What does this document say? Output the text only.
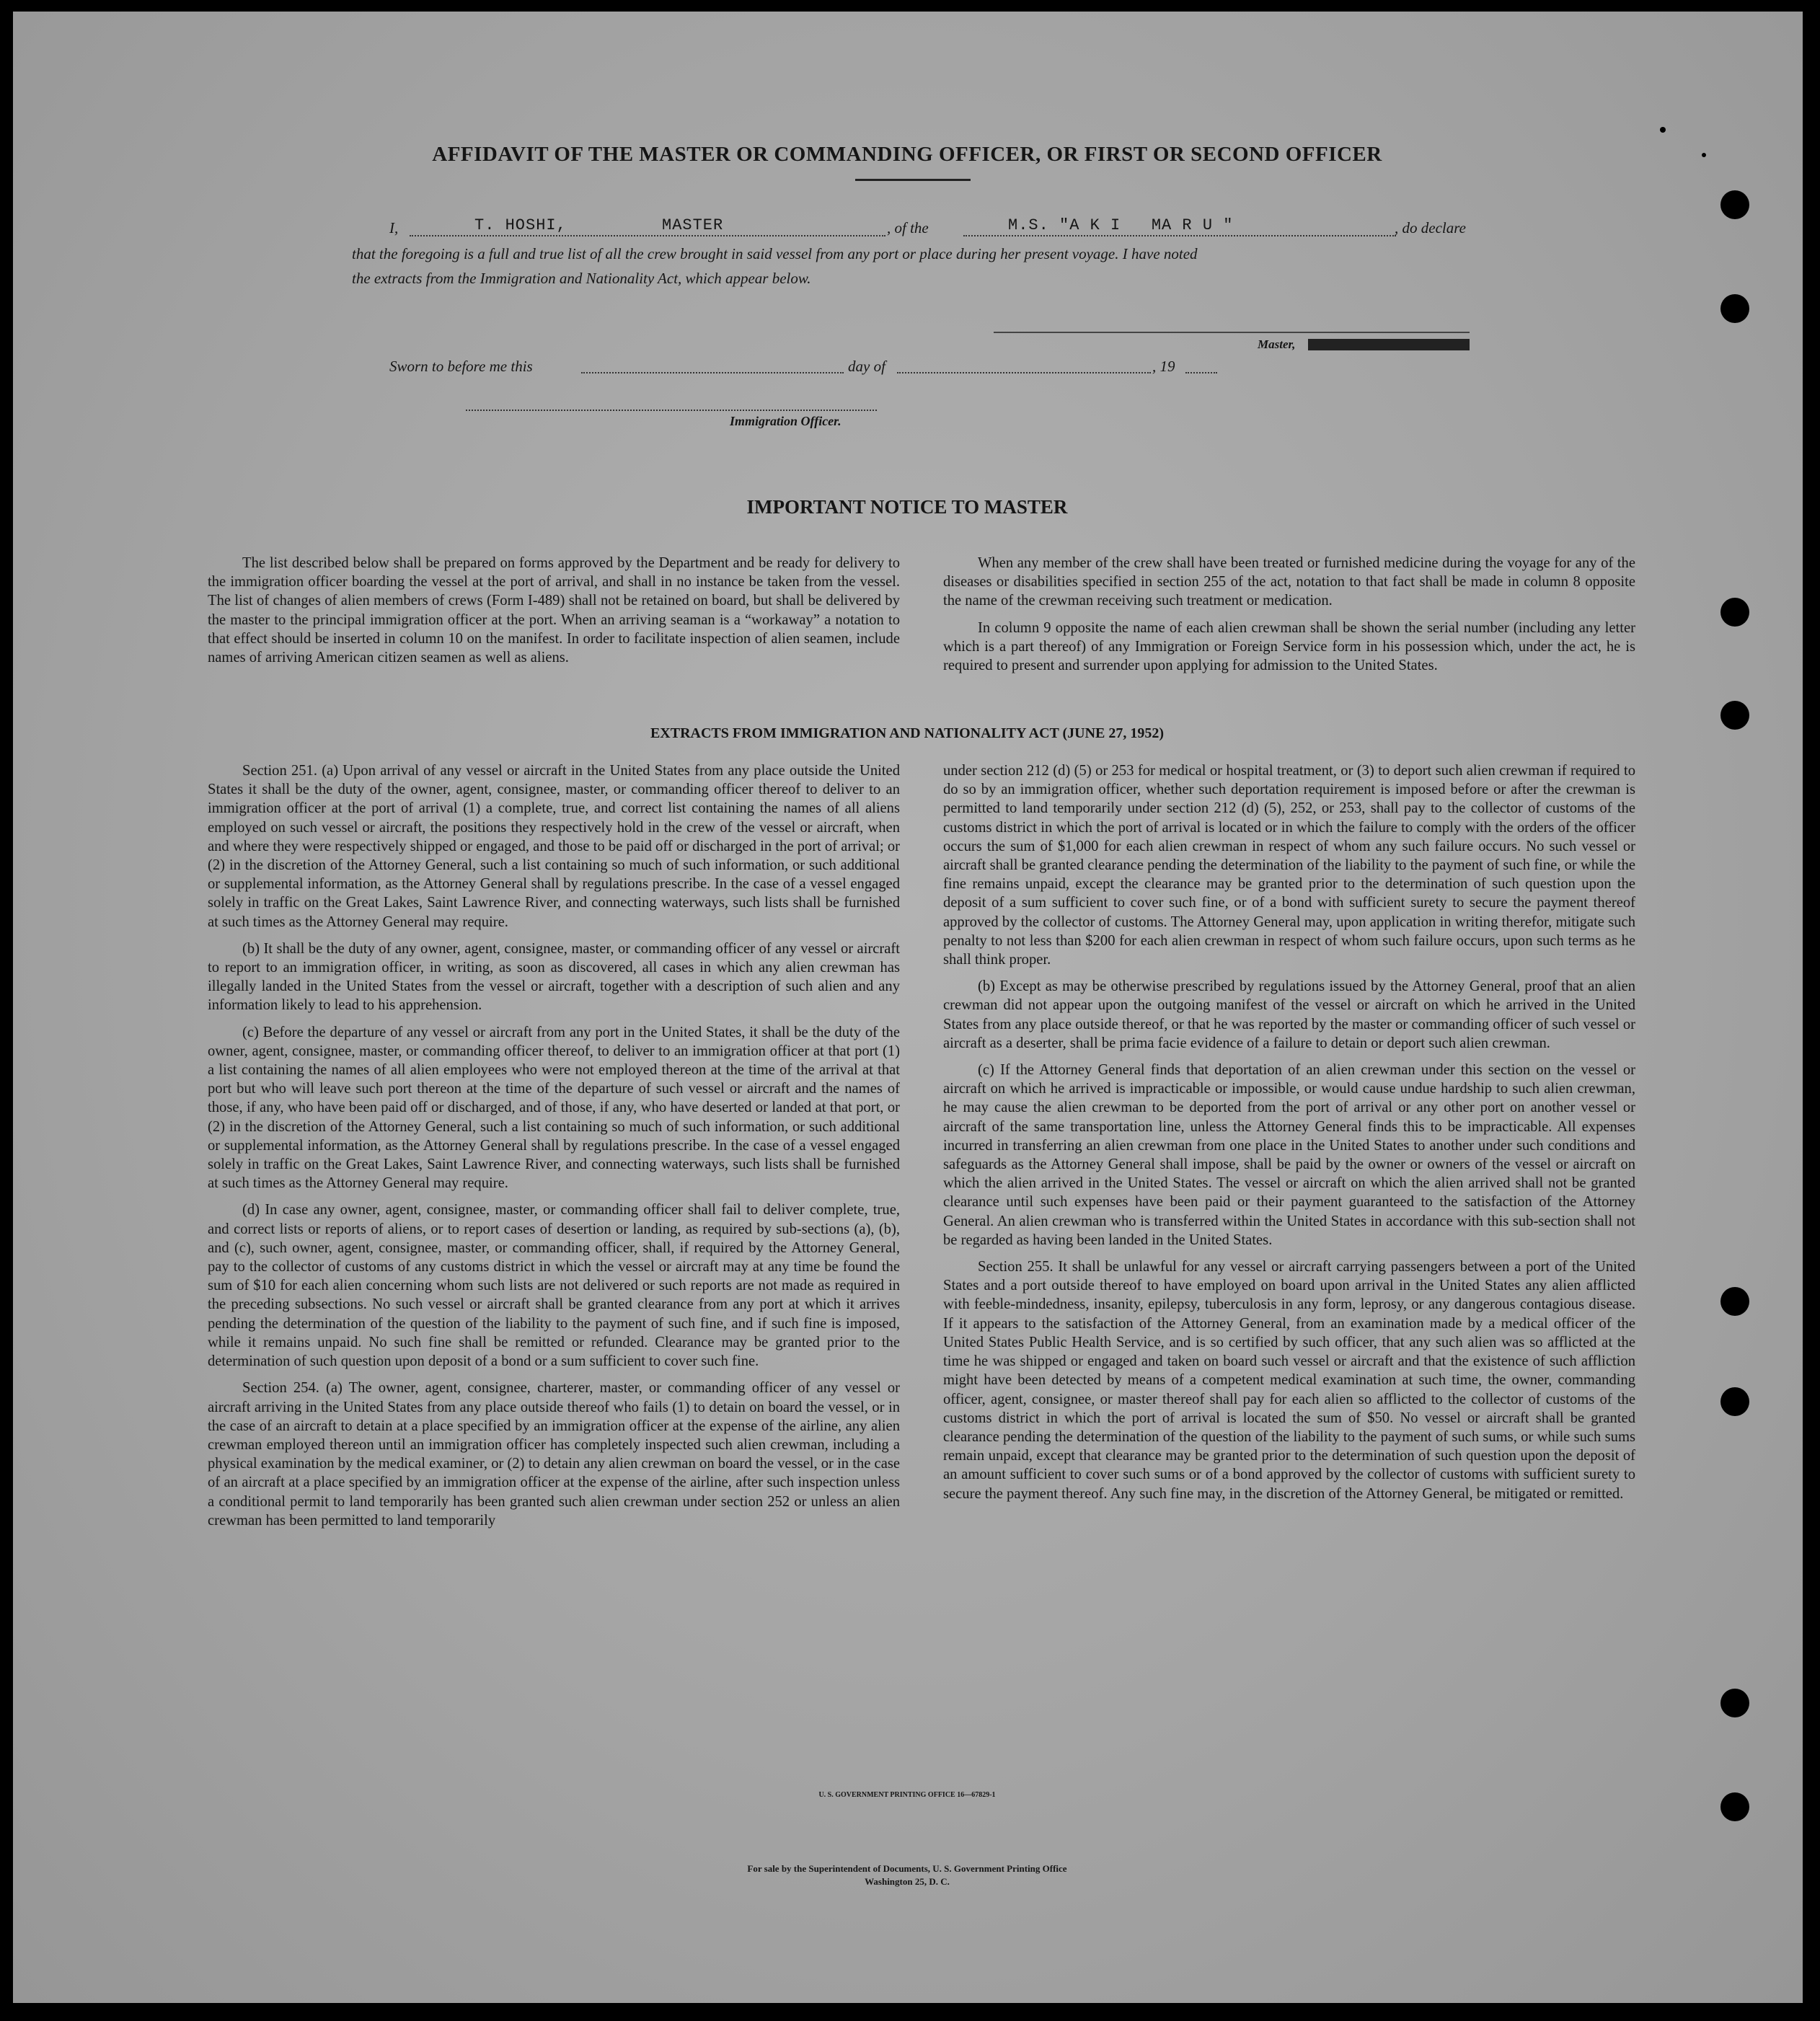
AFFIDAVIT OF THE MASTER OR COMMANDING OFFICER, OR FIRST OR SECOND OFFICER
I,	T. HOSHI,	MASTER	, of the	M.S. "A K I   MA R U "	, do declare
that the foregoing is a full and true list of all the crew brought in said vessel from any port or place during her present voyage. I have noted
the extracts from the Immigration and Nationality Act, which appear below.
Master,
Sworn to before me this	day of	, 19
Immigration Officer.
IMPORTANT NOTICE TO MASTER

The list described below shall be prepared on forms approved by the Department and be ready for delivery to the immigration officer boarding the vessel at the port of arrival, and shall in no instance be taken from the vessel. The list of changes of alien members of crews (Form I-489) shall not be retained on board, but shall be delivered by the master to the principal immigration officer at the port. When an arriving seaman is a “workaway” a notation to that effect should be inserted in column 10 on the manifest. In order to facilitate inspection of alien seamen, include names of arriving American citizen seamen as well as aliens.

When any member of the crew shall have been treated or furnished medicine during the voyage for any of the diseases or disabilities specified in section 255 of the act, notation to that fact shall be made in column 8 opposite the name of the crewman receiving such treatment or medication.

In column 9 opposite the name of each alien crewman shall be shown the serial number (including any letter which is a part thereof) of any Immigration or Foreign Service form in his possession which, under the act, he is required to present and surrender upon applying for admission to the United States.

EXTRACTS FROM IMMIGRATION AND NATIONALITY ACT (JUNE 27, 1952)

Section 251. (a) Upon arrival of any vessel or aircraft in the United States from any place outside the United States it shall be the duty of the owner, agent, consignee, master, or commanding officer thereof to deliver to an immigration officer at the port of arrival (1) a complete, true, and correct list containing the names of all aliens employed on such vessel or aircraft, the positions they respectively hold in the crew of the vessel or aircraft, when and where they were respectively shipped or engaged, and those to be paid off or discharged in the port of arrival; or (2) in the discretion of the Attorney General, such a list containing so much of such information, or such additional or supplemental information, as the Attorney General shall by regulations prescribe. In the case of a vessel engaged solely in traffic on the Great Lakes, Saint Lawrence River, and connecting waterways, such lists shall be furnished at such times as the Attorney General may require.

(b) It shall be the duty of any owner, agent, consignee, master, or commanding officer of any vessel or aircraft to report to an immigration officer, in writing, as soon as discovered, all cases in which any alien crewman has illegally landed in the United States from the vessel or aircraft, together with a description of such alien and any information likely to lead to his apprehension.

(c) Before the departure of any vessel or aircraft from any port in the United States, it shall be the duty of the owner, agent, consignee, master, or commanding officer thereof, to deliver to an immigration officer at that port (1) a list containing the names of all alien employees who were not employed thereon at the time of the arrival at that port but who will leave such port thereon at the time of the departure of such vessel or aircraft and the names of those, if any, who have been paid off or discharged, and of those, if any, who have deserted or landed at that port, or (2) in the discretion of the Attorney General, such a list containing so much of such information, or such additional or supplemental information, as the Attorney General shall by regulations prescribe. In the case of a vessel engaged solely in traffic on the Great Lakes, Saint Lawrence River, and connecting waterways, such lists shall be furnished at such times as the Attorney General may require.

(d) In case any owner, agent, consignee, master, or commanding officer shall fail to deliver complete, true, and correct lists or reports of aliens, or to report cases of desertion or landing, as required by sub-sections (a), (b), and (c), such owner, agent, consignee, master, or commanding officer, shall, if required by the Attorney General, pay to the collector of customs of any customs district in which the vessel or aircraft may at any time be found the sum of $10 for each alien concerning whom such lists are not delivered or such reports are not made as required in the preceding subsections. No such vessel or aircraft shall be granted clearance from any port at which it arrives pending the determination of the question of the liability to the payment of such fine, and if such fine is imposed, while it remains unpaid. No such fine shall be remitted or refunded. Clearance may be granted prior to the determination of such question upon deposit of a bond or a sum sufficient to cover such fine.

Section 254. (a) The owner, agent, consignee, charterer, master, or commanding officer of any vessel or aircraft arriving in the United States from any place outside thereof who fails (1) to detain on board the vessel, or in the case of an aircraft to detain at a place specified by an immigration officer at the expense of the airline, any alien crewman employed thereon until an immigration officer has completely inspected such alien crewman, including a physical examination by the medical examiner, or (2) to detain any alien crewman on board the vessel, or in the case of an aircraft at a place specified by an immigration officer at the expense of the airline, after such inspection unless a conditional permit to land temporarily has been granted such alien crewman under section 252 or unless an alien crewman has been permitted to land temporarily

under section 212 (d) (5) or 253 for medical or hospital treatment, or (3) to deport such alien crewman if required to do so by an immigration officer, whether such deportation requirement is imposed before or after the crewman is permitted to land temporarily under section 212 (d) (5), 252, or 253, shall pay to the collector of customs of the customs district in which the port of arrival is located or in which the failure to comply with the orders of the officer occurs the sum of $1,000 for each alien crewman in respect of whom any such failure occurs. No such vessel or aircraft shall be granted clearance pending the determination of the liability to the payment of such fine, or while the fine remains unpaid, except the clearance may be granted prior to the determination of such question upon the deposit of a sum sufficient to cover such fine, or of a bond with sufficient surety to secure the payment thereof approved by the collector of customs. The Attorney General may, upon application in writing therefor, mitigate such penalty to not less than $200 for each alien crewman in respect of whom such failure occurs, upon such terms as he shall think proper.

(b) Except as may be otherwise prescribed by regulations issued by the Attorney General, proof that an alien crewman did not appear upon the outgoing manifest of the vessel or aircraft on which he arrived in the United States from any place outside thereof, or that he was reported by the master or commanding officer of such vessel or aircraft as a deserter, shall be prima facie evidence of a failure to detain or deport such alien crewman.

(c) If the Attorney General finds that deportation of an alien crewman under this section on the vessel or aircraft on which he arrived is impracticable or impossible, or would cause undue hardship to such alien crewman, he may cause the alien crewman to be deported from the port of arrival or any other port on another vessel or aircraft of the same transportation line, unless the Attorney General finds this to be impracticable. All expenses incurred in transferring an alien crewman from one place in the United States to another under such conditions and safeguards as the Attorney General shall impose, shall be paid by the owner or owners of the vessel or aircraft on which the alien arrived in the United States. The vessel or aircraft on which the alien arrived shall not be granted clearance until such expenses have been paid or their payment guaranteed to the satisfaction of the Attorney General. An alien crewman who is transferred within the United States in accordance with this sub-section shall not be regarded as having been landed in the United States.

Section 255. It shall be unlawful for any vessel or aircraft carrying passengers between a port of the United States and a port outside thereof to have employed on board upon arrival in the United States any alien afflicted with feeble-mindedness, insanity, epilepsy, tuberculosis in any form, leprosy, or any dangerous contagious disease. If it appears to the satisfaction of the Attorney General, from an examination made by a medical officer of the United States Public Health Service, and is so certified by such officer, that any such alien was so afflicted at the time he was shipped or engaged and taken on board such vessel or aircraft and that the existence of such affliction might have been detected by means of a competent medical examination at such time, the owner, commanding officer, agent, consignee, or master thereof shall pay for each alien so afflicted to the collector of customs of the customs district in which the port of arrival is located the sum of $50. No vessel or aircraft shall be granted clearance pending the determination of the question of the liability to the payment of such sums, or while such sums remain unpaid, except that clearance may be granted prior to the determination of such question upon the deposit of an amount sufficient to cover such sums or of a bond approved by the collector of customs with sufficient surety to secure the payment thereof. Any such fine may, in the discretion of the Attorney General, be mitigated or remitted.

U. S. GOVERNMENT PRINTING OFFICE 16—67829-1
For sale by the Superintendent of Documents, U. S. Government Printing Office
Washington 25, D. C.
